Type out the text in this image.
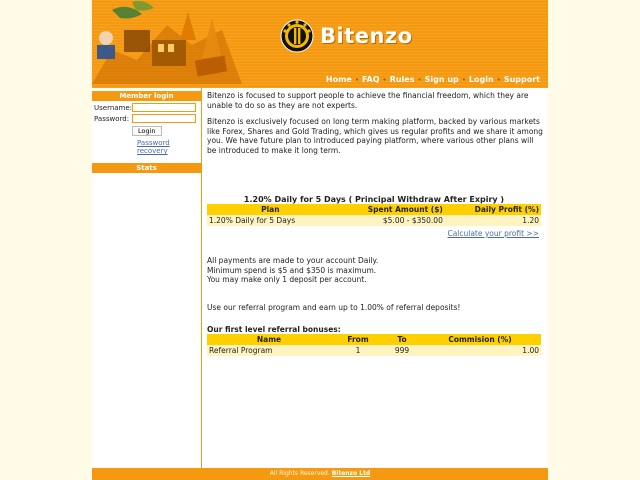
Bitenzo
Home • FAQ • Rules • Sign up • Login • Support
Member login
Username:
Password:
Login
Password recovery
Stats

Bitenzo is focused to support people to achieve the financial freedom, which they are unable to do so as they are not experts.

Bitenzo is exclusively focused on long term making platform, backed by various markets like Forex, Shares and Gold Trading, which gives us regular profits and we share it among you. We have future plan to introduced paying platform, where various other plans will be introduced to make it long term.

1.20% Daily for 5 Days ( Principal Withdraw After Expiry )
Plan	Spent Amount ($)	Daily Profit (%)
1.20% Daily for 5 Days	$5.00 - $350.00	1.20
Calculate your profit >>

All payments are made to your account Daily.

Minimum spend is $5 and $350 is maximum.

You may make only 1 deposit per account.

Use our referral program and earn up to 1.00% of referral deposits!

Our first level referral bonuses:
Name	From	To	Commision (%)
Referral Program	1	999	1.00
All Rights Reserved. Bitenzo Ltd
